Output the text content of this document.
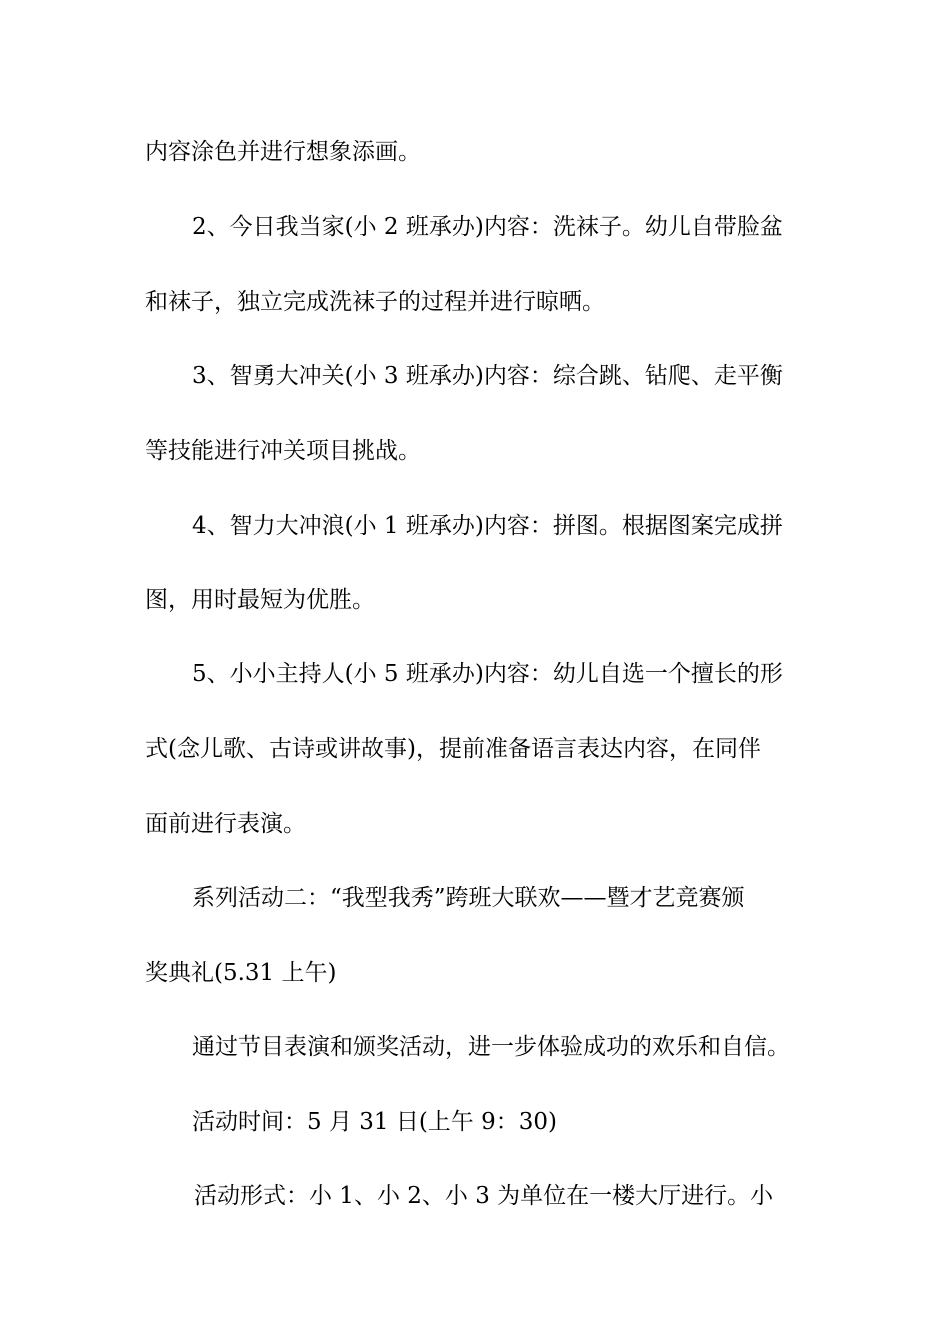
内容涂色并进行想象添画。
2、今日我当家(小 2 班承办)内容：洗袜子。幼儿自带脸盆
和袜子，独立完成洗袜子的过程并进行晾晒。
3、智勇大冲关(小 3 班承办)内容：综合跳、钻爬、走平衡
等技能进行冲关项目挑战。
4、智力大冲浪(小 1 班承办)内容：拼图。根据图案完成拼
图，用时最短为优胜。
5、小小主持人(小 5 班承办)内容：幼儿自选一个擅长的形
式(念儿歌、古诗或讲故事)，提前准备语言表达内容，在同伴
面前进行表演。
系列活动二：“我型我秀”跨班大联欢——暨才艺竞赛颁
奖典礼(5.31 上午)
通过节目表演和颁奖活动，进一步体验成功的欢乐和自信。
活动时间：5 月 31 日(上午 9：30)
活动形式：小 1、小 2、小 3 为单位在一楼大厅进行。小
